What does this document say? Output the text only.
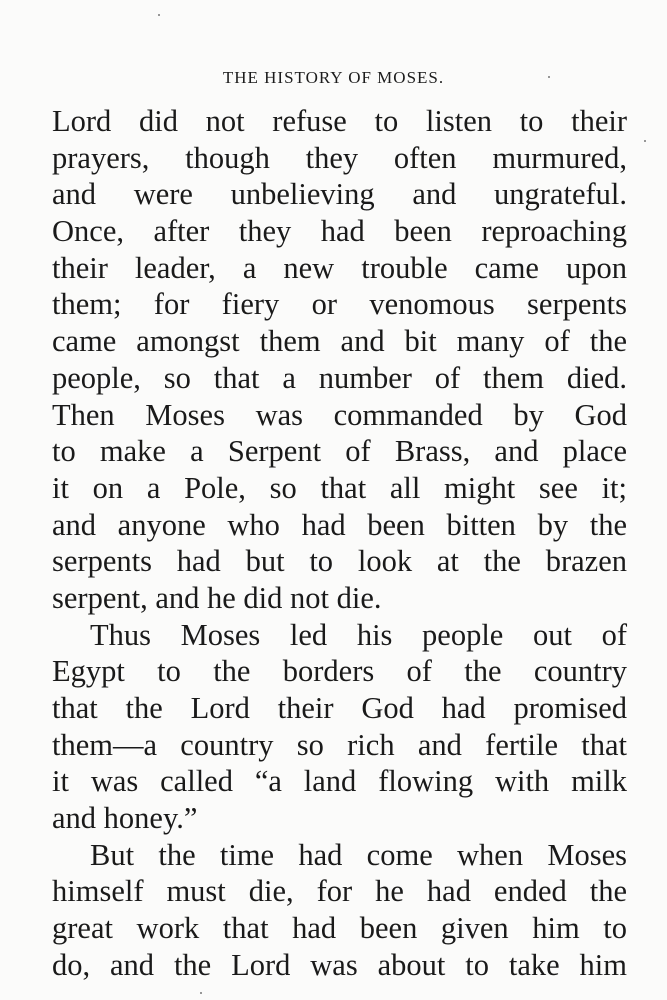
THE HISTORY OF MOSES.
Lord did not refuse to listen to their
prayers, though they often murmured,
and were unbelieving and ungrateful.
Once, after they had been reproaching
their leader, a new trouble came upon
them; for fiery or venomous serpents
came amongst them and bit many of the
people, so that a number of them died.
Then Moses was commanded by God
to make a Serpent of Brass, and place
it on a Pole, so that all might see it;
and anyone who had been bitten by the
serpents had but to look at the brazen
serpent, and he did not die.
Thus Moses led his people out of
Egypt to the borders of the country
that the Lord their God had promised
them—a country so rich and fertile that
it was called “a land flowing with milk
and honey.”
But the time had come when Moses
himself must die, for he had ended the
great work that had been given him to
do, and the Lord was about to take him
